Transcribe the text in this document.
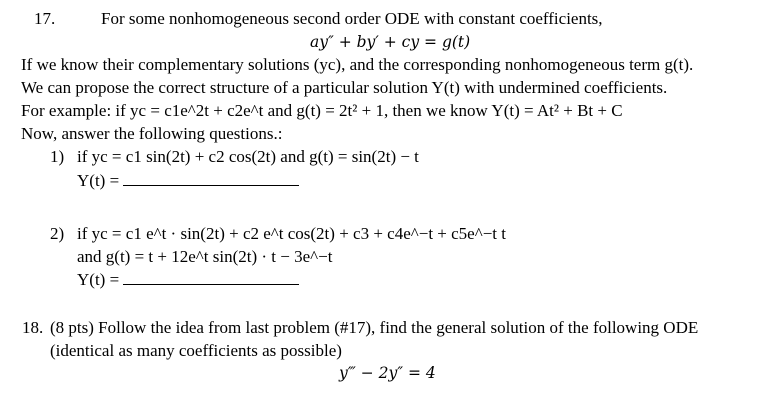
17.	For some nonhomogeneous second order ODE with constant coefficients,
ay″ + by′ + cy = g(t)
If we know their complementary solutions (yc), and the corresponding nonhomogeneous term g(t).
We can propose the correct structure of a particular solution Y(t) with undermined coefficients.
For example: if yc = c1e^2t + c2e^t and g(t) = 2t² + 1, then we know Y(t) = At² + Bt + C
Now, answer the following questions.:
1) if yc = c1 sin(2t) + c2 cos(2t) and g(t) = sin(2t) − t
Y(t) =
2) if yc = c1 e^t · sin(2t) + c2 e^t cos(2t) + c3 + c4e^−t + c5e^−t t
and g(t) = t + 12e^t sin(2t) · t − 3e^−t
Y(t) =
18. (8 pts) Follow the idea from last problem (#17), find the general solution of the following ODE
(identical as many coefficients as possible)
y‴ − 2y″ = 4
